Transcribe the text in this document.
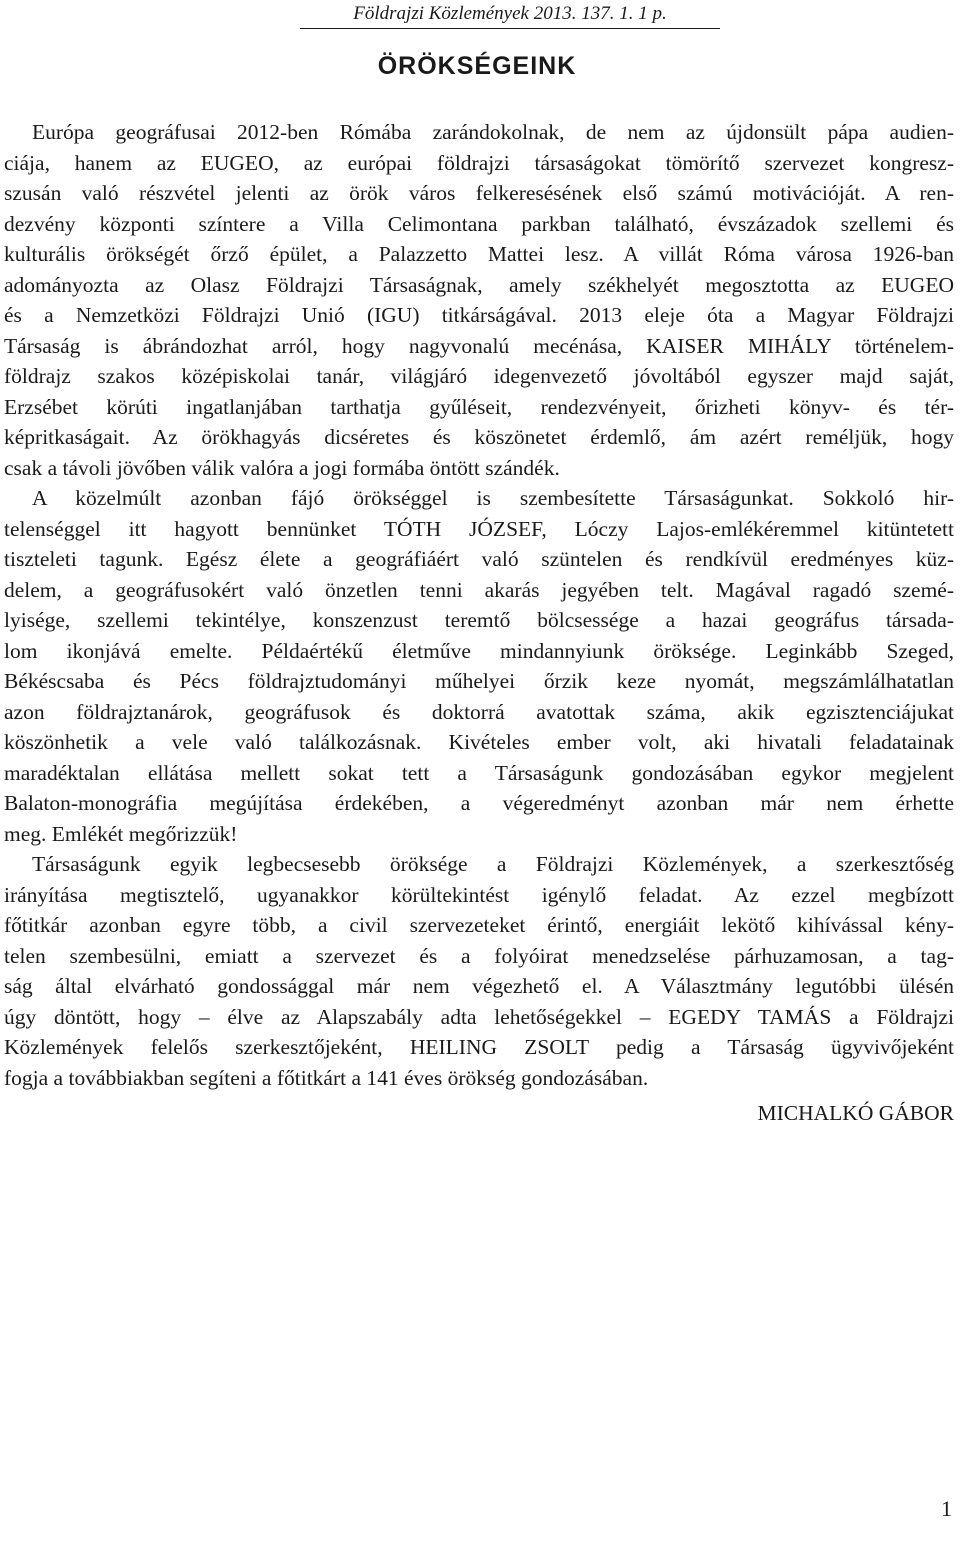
Földrajzi Közlemények 2013. 137. 1. 1 p.
ÖRÖKSÉGEINK
Európa geográfusai 2012-ben Rómába zarándokolnak, de nem az újdonsült pápa audien-
ciája, hanem az EUGEO, az európai földrajzi társaságokat tömörítő szervezet kongresz-
szusán való részvétel jelenti az örök város felkeresésének első számú motivációját. A ren-
dezvény központi színtere a Villa Celimontana parkban található, évszázadok szellemi és
kulturális örökségét őrző épület, a Palazzetto Mattei lesz. A villát Róma városa 1926-ban
adományozta az Olasz Földrajzi Társaságnak, amely székhelyét megosztotta az EUGEO
és a Nemzetközi Földrajzi Unió (IGU) titkárságával. 2013 eleje óta a Magyar Földrajzi
Társaság is ábrándozhat arról, hogy nagyvonalú mecénása, KAISER MIHÁLY történelem-
földrajz szakos középiskolai tanár, világjáró idegenvezető jóvoltából egyszer majd saját,
Erzsébet körúti ingatlanjában tarthatja gyűléseit, rendezvényeit, őrizheti könyv- és tér-
képritkaságait. Az örökhagyás dicséretes és köszönetet érdemlő, ám azért reméljük, hogy
csak a távoli jövőben válik valóra a jogi formába öntött szándék.
A közelmúlt azonban fájó örökséggel is szembesítette Társaságunkat. Sokkoló hir-
telenséggel itt hagyott bennünket TÓTH JÓZSEF, Lóczy Lajos-emlékéremmel kitüntetett
tiszteleti tagunk. Egész élete a geográfiáért való szüntelen és rendkívül eredményes küz-
delem, a geográfusokért való önzetlen tenni akarás jegyében telt. Magával ragadó szemé-
lyisége, szellemi tekintélye, konszenzust teremtő bölcsessége a hazai geográfus társada-
lom ikonjává emelte. Példaértékű életműve mindannyiunk öröksége. Leginkább Szeged,
Békéscsaba és Pécs földrajztudományi műhelyei őrzik keze nyomát, megszámlálhatatlan
azon földrajztanárok, geográfusok és doktorrá avatottak száma, akik egzisztenciájukat
köszönhetik a vele való találkozásnak. Kivételes ember volt, aki hivatali feladatainak
maradéktalan ellátása mellett sokat tett a Társaságunk gondozásában egykor megjelent
Balaton-monográfia megújítása érdekében, a végeredményt azonban már nem érhette
meg. Emlékét megőrizzük!
Társaságunk egyik legbecsesebb öröksége a Földrajzi Közlemények, a szerkesztőség
irányítása megtisztelő, ugyanakkor körültekintést igénylő feladat. Az ezzel megbízott
főtitkár azonban egyre több, a civil szervezeteket érintő, energiáit lekötő kihívással kény-
telen szembesülni, emiatt a szervezet és a folyóirat menedzselése párhuzamosan, a tag-
ság által elvárható gondossággal már nem végezhető el. A Választmány legutóbbi ülésén
úgy döntött, hogy – élve az Alapszabály adta lehetőségekkel – EGEDY TAMÁS a Földrajzi
Közlemények felelős szerkesztőjeként, HEILING ZSOLT pedig a Társaság ügyvivőjeként
fogja a továbbiakban segíteni a főtitkárt a 141 éves örökség gondozásában.
MICHALKÓ GÁBOR
1
